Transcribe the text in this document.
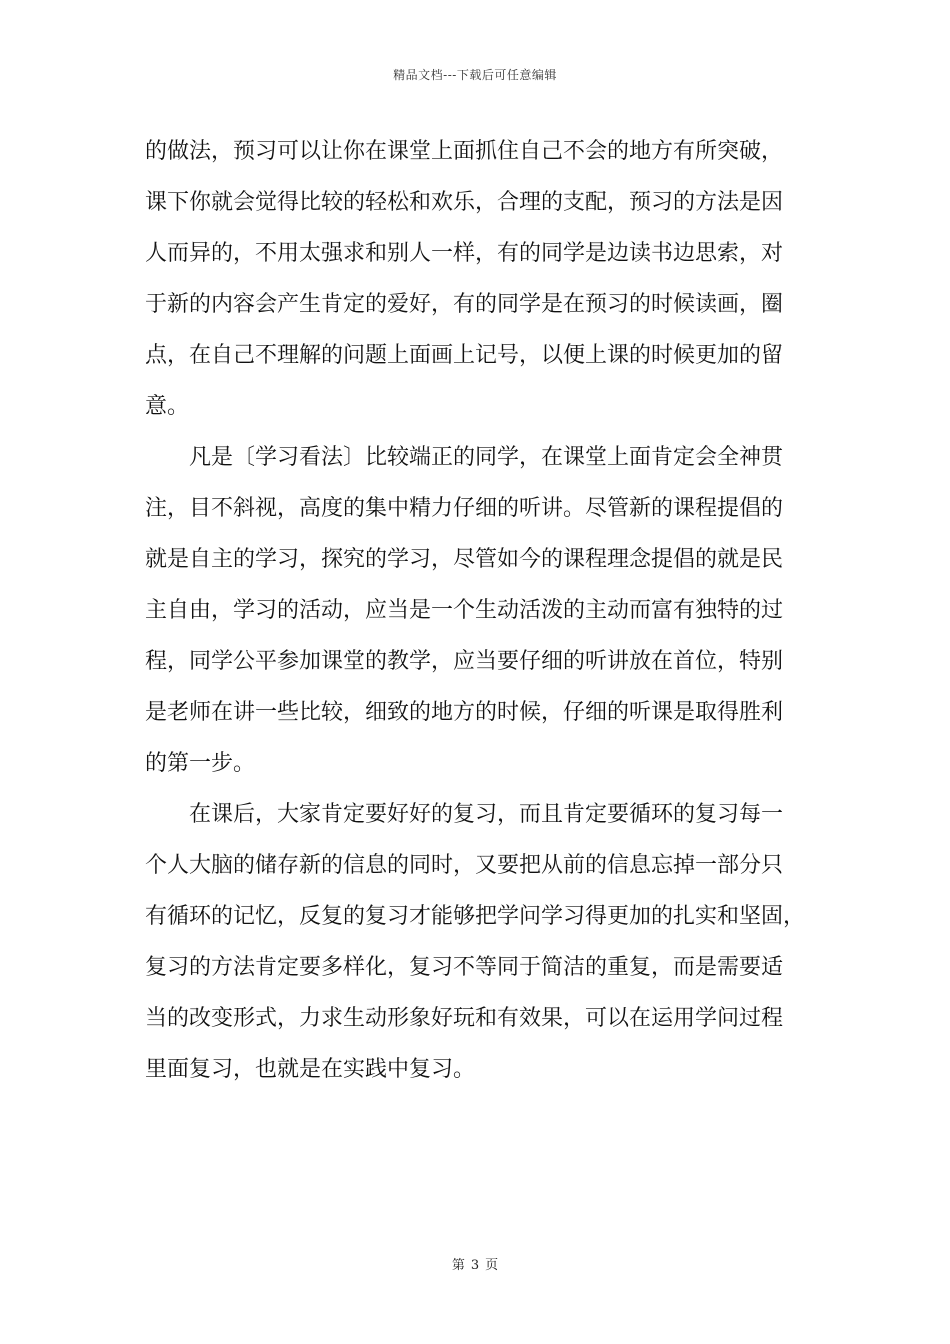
精品文档---下载后可任意编辑
的做法，预习可以让你在课堂上面抓住自己不会的地方有所突破，
课下你就会觉得比较的轻松和欢乐，合理的支配，预习的方法是因
人而异的，不用太强求和别人一样，有的同学是边读书边思索，对
于新的内容会产生肯定的爱好，有的同学是在预习的时候读画，圈
点，在自己不理解的问题上面画上记号，以便上课的时候更加的留
意。
凡是〔学习看法〕比较端正的同学，在课堂上面肯定会全神贯
注，目不斜视，高度的集中精力仔细的听讲。尽管新的课程提倡的
就是自主的学习，探究的学习，尽管如今的课程理念提倡的就是民
主自由，学习的活动，应当是一个生动活泼的主动而富有独特的过
程，同学公平参加课堂的教学，应当要仔细的听讲放在首位，特别
是老师在讲一些比较，细致的地方的时候，仔细的听课是取得胜利
的第一步。
在课后，大家肯定要好好的复习，而且肯定要循环的复习每一
个人大脑的储存新的信息的同时，又要把从前的信息忘掉一部分只
有循环的记忆，反复的复习才能够把学问学习得更加的扎实和坚固，
复习的方法肯定要多样化，复习不等同于简洁的重复，而是需要适
当的改变形式，力求生动形象好玩和有效果，可以在运用学问过程
里面复习，也就是在实践中复习。
第 3 页
